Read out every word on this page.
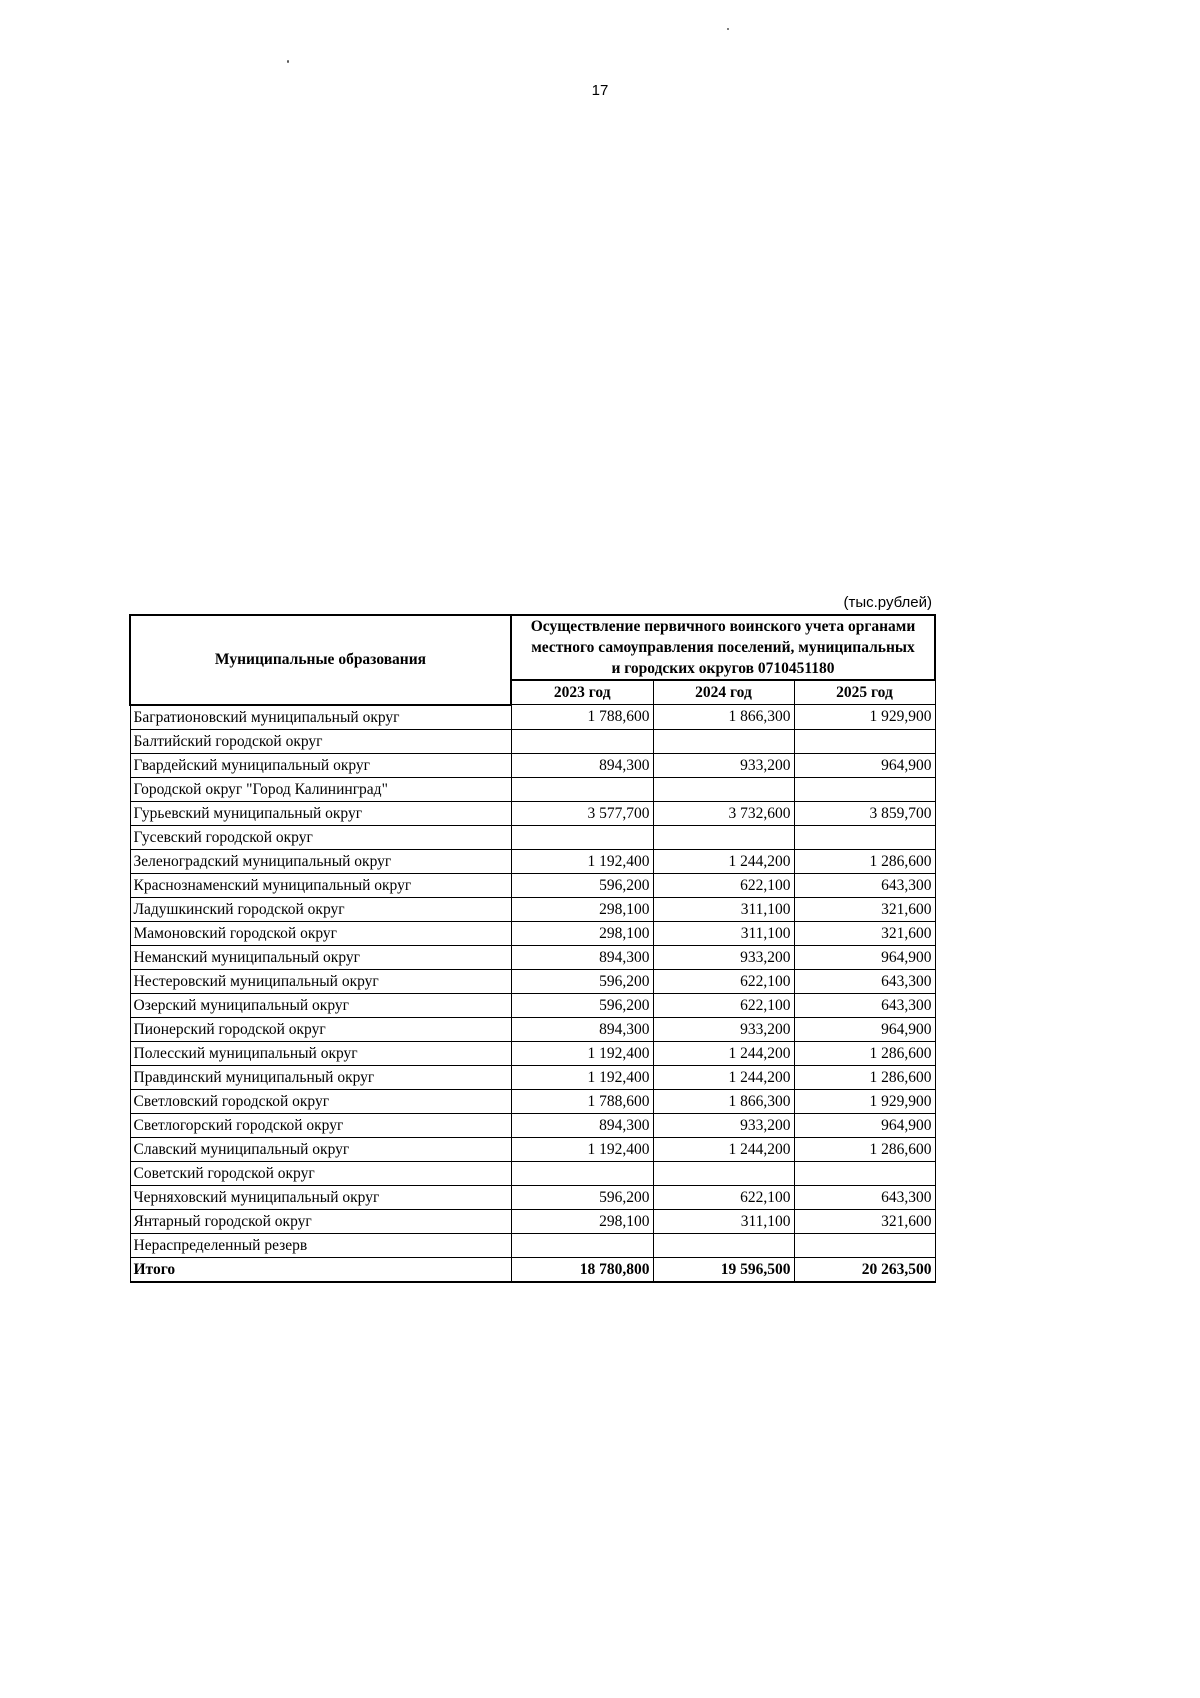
17
(тыс.рублей)
Муниципальные образования	Осуществление первичного воинского учета органами местного самоуправления поселений, муниципальных и городских округов 0710451180		
	2023 год	2024 год	2025 год
Багратионовский муниципальный округ	1 788,600	1 866,300	1 929,900
Балтийский городской округ			
Гвардейский муниципальный округ	894,300	933,200	964,900
Городской округ "Город Калининград"			
Гурьевский муниципальный округ	3 577,700	3 732,600	3 859,700
Гусевский городской округ			
Зеленоградский муниципальный округ	1 192,400	1 244,200	1 286,600
Краснознаменский муниципальный округ	596,200	622,100	643,300
Ладушкинский городской округ	298,100	311,100	321,600
Мамоновский городской округ	298,100	311,100	321,600
Неманский муниципальный округ	894,300	933,200	964,900
Нестеровский муниципальный округ	596,200	622,100	643,300
Озерский муниципальный округ	596,200	622,100	643,300
Пионерский городской округ	894,300	933,200	964,900
Полесский муниципальный округ	1 192,400	1 244,200	1 286,600
Правдинский муниципальный округ	1 192,400	1 244,200	1 286,600
Светловский городской округ	1 788,600	1 866,300	1 929,900
Светлогорский городской округ	894,300	933,200	964,900
Славский муниципальный округ	1 192,400	1 244,200	1 286,600
Советский городской округ			
Черняховский муниципальный округ	596,200	622,100	643,300
Янтарный городской округ	298,100	311,100	321,600
Нераспределенный резерв			
Итого	18 780,800	19 596,500	20 263,500
